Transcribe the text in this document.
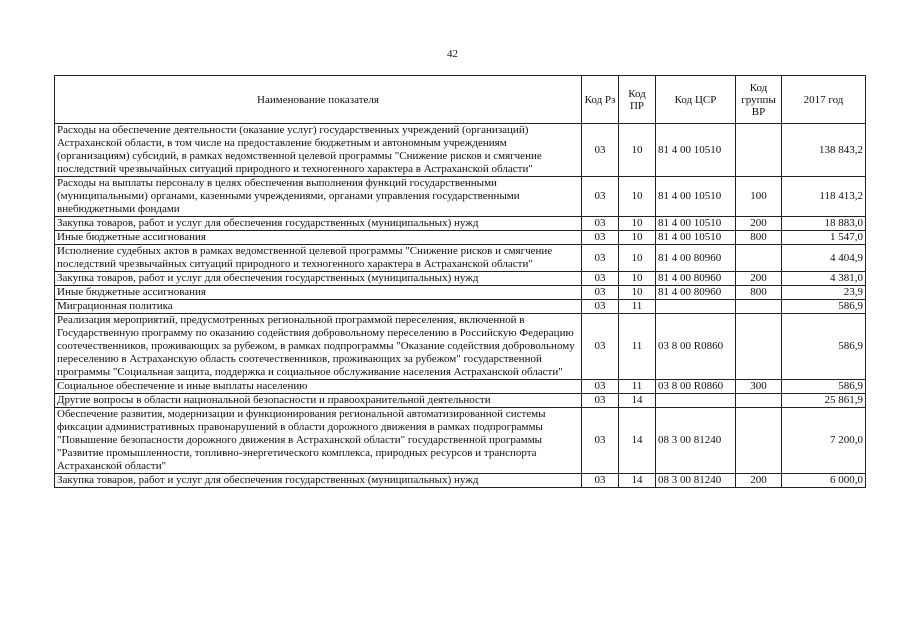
42
Наименование показателя	Код Рз	Код ПР	Код ЦСР	Код группы ВР	2017 год
Расходы на обеспечение деятельности (оказание услуг) государственных учреждений (организаций) Астраханской области, в том числе на предоставление бюджетным и автономным учреждениям (организациям) субсидий, в рамках ведомственной целевой программы "Снижение рисков и смягчение последствий чрезвычайных ситуаций природного и техногенного характера в Астраханской области"	03	10	81 4 00 10510		138 843,2
Расходы на выплаты персоналу в целях обеспечения выполнения функций государственными (муниципальными) органами, казенными учреждениями, органами управления государственными внебюджетными фондами	03	10	81 4 00 10510	100	118 413,2
Закупка товаров, работ и услуг для обеспечения государственных (муниципальных) нужд	03	10	81 4 00 10510	200	18 883,0
Иные бюджетные ассигнования	03	10	81 4 00 10510	800	1 547,0
Исполнение судебных актов в рамках ведомственной целевой программы "Снижение рисков и смягчение последствий чрезвычайных ситуаций природного и техногенного характера в Астраханской области"	03	10	81 4 00 80960		4 404,9
Закупка товаров, работ и услуг для обеспечения государственных (муниципальных) нужд	03	10	81 4 00 80960	200	4 381,0
Иные бюджетные ассигнования	03	10	81 4 00 80960	800	23,9
Миграционная политика	03	11			586,9
Реализация мероприятий, предусмотренных региональной программой переселения, включенной в Государственную программу по оказанию содействия добровольному переселению в Российскую Федерацию соотечественников, проживающих за рубежом, в рамках подпрограммы "Оказание содействия добровольному переселению в Астраханскую область соотечественников, проживающих за рубежом" государственной программы "Социальная защита, поддержка и социальное обслуживание населения Астраханской области"	03	11	03 8 00 R0860		586,9
Социальное обеспечение и иные выплаты населению	03	11	03 8 00 R0860	300	586,9
Другие вопросы в области национальной безопасности и правоохранительной деятельности	03	14			25 861,9
Обеспечение развития, модернизации и функционирования региональной автоматизированной системы фиксации административных правонарушений в области дорожного движения в рамках подпрограммы "Повышение безопасности дорожного движения в Астраханской области" государственной программы "Развитие промышленности, топливно-энергетического комплекса, природных ресурсов и транспорта Астраханской области"	03	14	08 3 00 81240		7 200,0
Закупка товаров, работ и услуг для обеспечения государственных (муниципальных) нужд	03	14	08 3 00 81240	200	6 000,0
